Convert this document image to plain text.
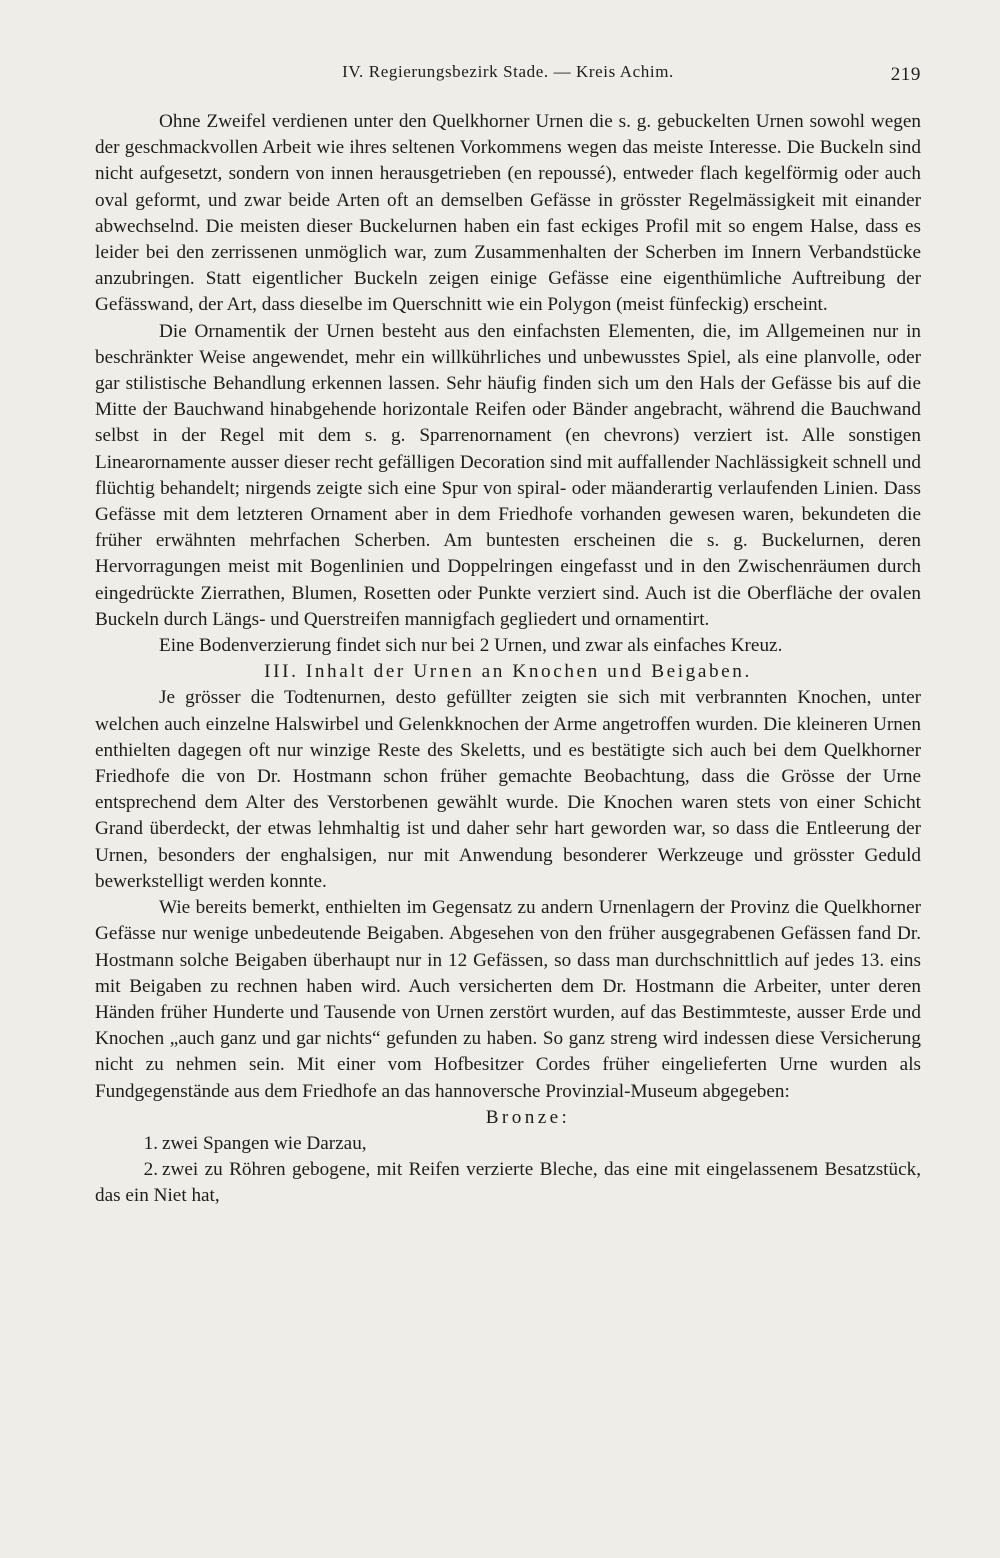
IV. Regierungsbezirk Stade. — Kreis Achim.	219

Ohne Zweifel verdienen unter den Quelkhorner Urnen die s. g. gebuckelten Urnen sowohl wegen der geschmackvollen Arbeit wie ihres seltenen Vorkommens wegen das meiste Interesse. Die Buckeln sind nicht aufgesetzt, sondern von innen herausgetrieben (en repoussé), entweder flach kegelförmig oder auch oval geformt, und zwar beide Arten oft an demselben Gefässe in grösster Regelmässigkeit mit einander abwechselnd. Die meisten dieser Buckelurnen haben ein fast eckiges Profil mit so engem Halse, dass es leider bei den zerrissenen unmöglich war, zum Zusammenhalten der Scherben im Innern Verbandstücke anzubringen. Statt eigentlicher Buckeln zeigen einige Gefässe eine eigenthümliche Auftreibung der Gefässwand, der Art, dass dieselbe im Querschnitt wie ein Polygon (meist fünfeckig) erscheint.

Die Ornamentik der Urnen besteht aus den einfachsten Elementen, die, im Allgemeinen nur in beschränkter Weise angewendet, mehr ein willkührliches und unbewusstes Spiel, als eine planvolle, oder gar stilistische Behandlung erkennen lassen. Sehr häufig finden sich um den Hals der Gefässe bis auf die Mitte der Bauchwand hinabgehende horizontale Reifen oder Bänder angebracht, während die Bauchwand selbst in der Regel mit dem s. g. Sparrenornament (en chevrons) verziert ist. Alle sonstigen Linearornamente ausser dieser recht gefälligen Decoration sind mit auffallender Nachlässigkeit schnell und flüchtig behandelt; nirgends zeigte sich eine Spur von spiral- oder mäanderartig verlaufenden Linien. Dass Gefässe mit dem letzteren Ornament aber in dem Friedhofe vorhanden gewesen waren, bekundeten die früher erwähnten mehrfachen Scherben. Am buntesten erscheinen die s. g. Buckelurnen, deren Hervorragungen meist mit Bogenlinien und Doppelringen eingefasst und in den Zwischenräumen durch eingedrückte Zierrathen, Blumen, Rosetten oder Punkte verziert sind. Auch ist die Oberfläche der ovalen Buckeln durch Längs- und Querstreifen mannigfach gegliedert und ornamentirt.

Eine Bodenverzierung findet sich nur bei 2 Urnen, und zwar als einfaches Kreuz.

III. Inhalt der Urnen an Knochen und Beigaben.

Je grösser die Todtenurnen, desto gefüllter zeigten sie sich mit verbrannten Knochen, unter welchen auch einzelne Halswirbel und Gelenkknochen der Arme angetroffen wurden. Die kleineren Urnen enthielten dagegen oft nur winzige Reste des Skeletts, und es bestätigte sich auch bei dem Quelkhorner Friedhofe die von Dr. Hostmann schon früher gemachte Beobachtung, dass die Grösse der Urne entsprechend dem Alter des Verstorbenen gewählt wurde. Die Knochen waren stets von einer Schicht Grand überdeckt, der etwas lehmhaltig ist und daher sehr hart geworden war, so dass die Entleerung der Urnen, besonders der enghalsigen, nur mit Anwendung besonderer Werkzeuge und grösster Geduld bewerkstelligt werden konnte.

Wie bereits bemerkt, enthielten im Gegensatz zu andern Urnenlagern der Provinz die Quelkhorner Gefässe nur wenige unbedeutende Beigaben. Abgesehen von den früher ausgegrabenen Gefässen fand Dr. Hostmann solche Beigaben überhaupt nur in 12 Gefässen, so dass man durchschnittlich auf jedes 13. eins mit Beigaben zu rechnen haben wird. Auch versicherten dem Dr. Hostmann die Arbeiter, unter deren Händen früher Hunderte und Tausende von Urnen zerstört wurden, auf das Bestimmteste, ausser Erde und Knochen „auch ganz und gar nichts“ gefunden zu haben. So ganz streng wird indessen diese Versicherung nicht zu nehmen sein. Mit einer vom Hofbesitzer Cordes früher eingelieferten Urne wurden als Fundgegenstände aus dem Friedhofe an das hannoversche Provinzial-Museum abgegeben:

Bronze:
1. zwei Spangen wie Darzau,
2. zwei zu Röhren gebogene, mit Reifen verzierte Bleche, das eine mit eingelassenem Besatzstück, das ein Niet hat,
